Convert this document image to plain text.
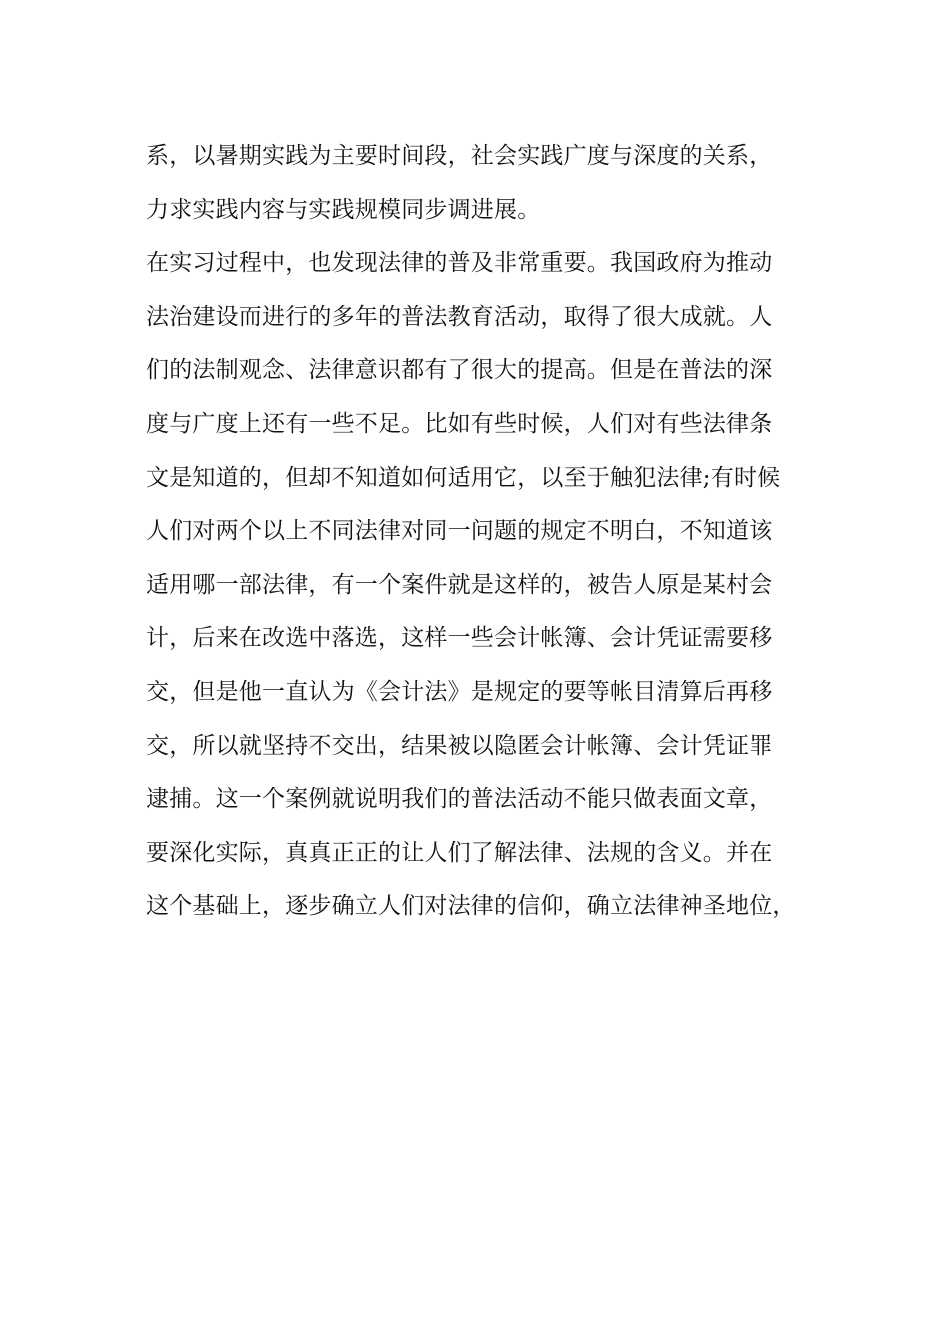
系，以暑期实践为主要时间段，社会实践广度与深度的关系，
力求实践内容与实践规模同步调进展。
在实习过程中，也发现法律的普及非常重要。我国政府为推动
法治建设而进行的多年的普法教育活动，取得了很大成就。人
们的法制观念、法律意识都有了很大的提高。但是在普法的深
度与广度上还有一些不足。比如有些时候，人们对有些法律条
文是知道的，但却不知道如何适用它，以至于触犯法律;有时候
人们对两个以上不同法律对同一问题的规定不明白，不知道该
适用哪一部法律，有一个案件就是这样的，被告人原是某村会
计，后来在改选中落选，这样一些会计帐簿、会计凭证需要移
交，但是他一直认为《会计法》是规定的要等帐目清算后再移
交，所以就坚持不交出，结果被以隐匿会计帐簿、会计凭证罪
逮捕。这一个案例就说明我们的普法活动不能只做表面文章，
要深化实际，真真正正的让人们了解法律、法规的含义。并在
这个基础上，逐步确立人们对法律的信仰，确立法律神圣地位，
